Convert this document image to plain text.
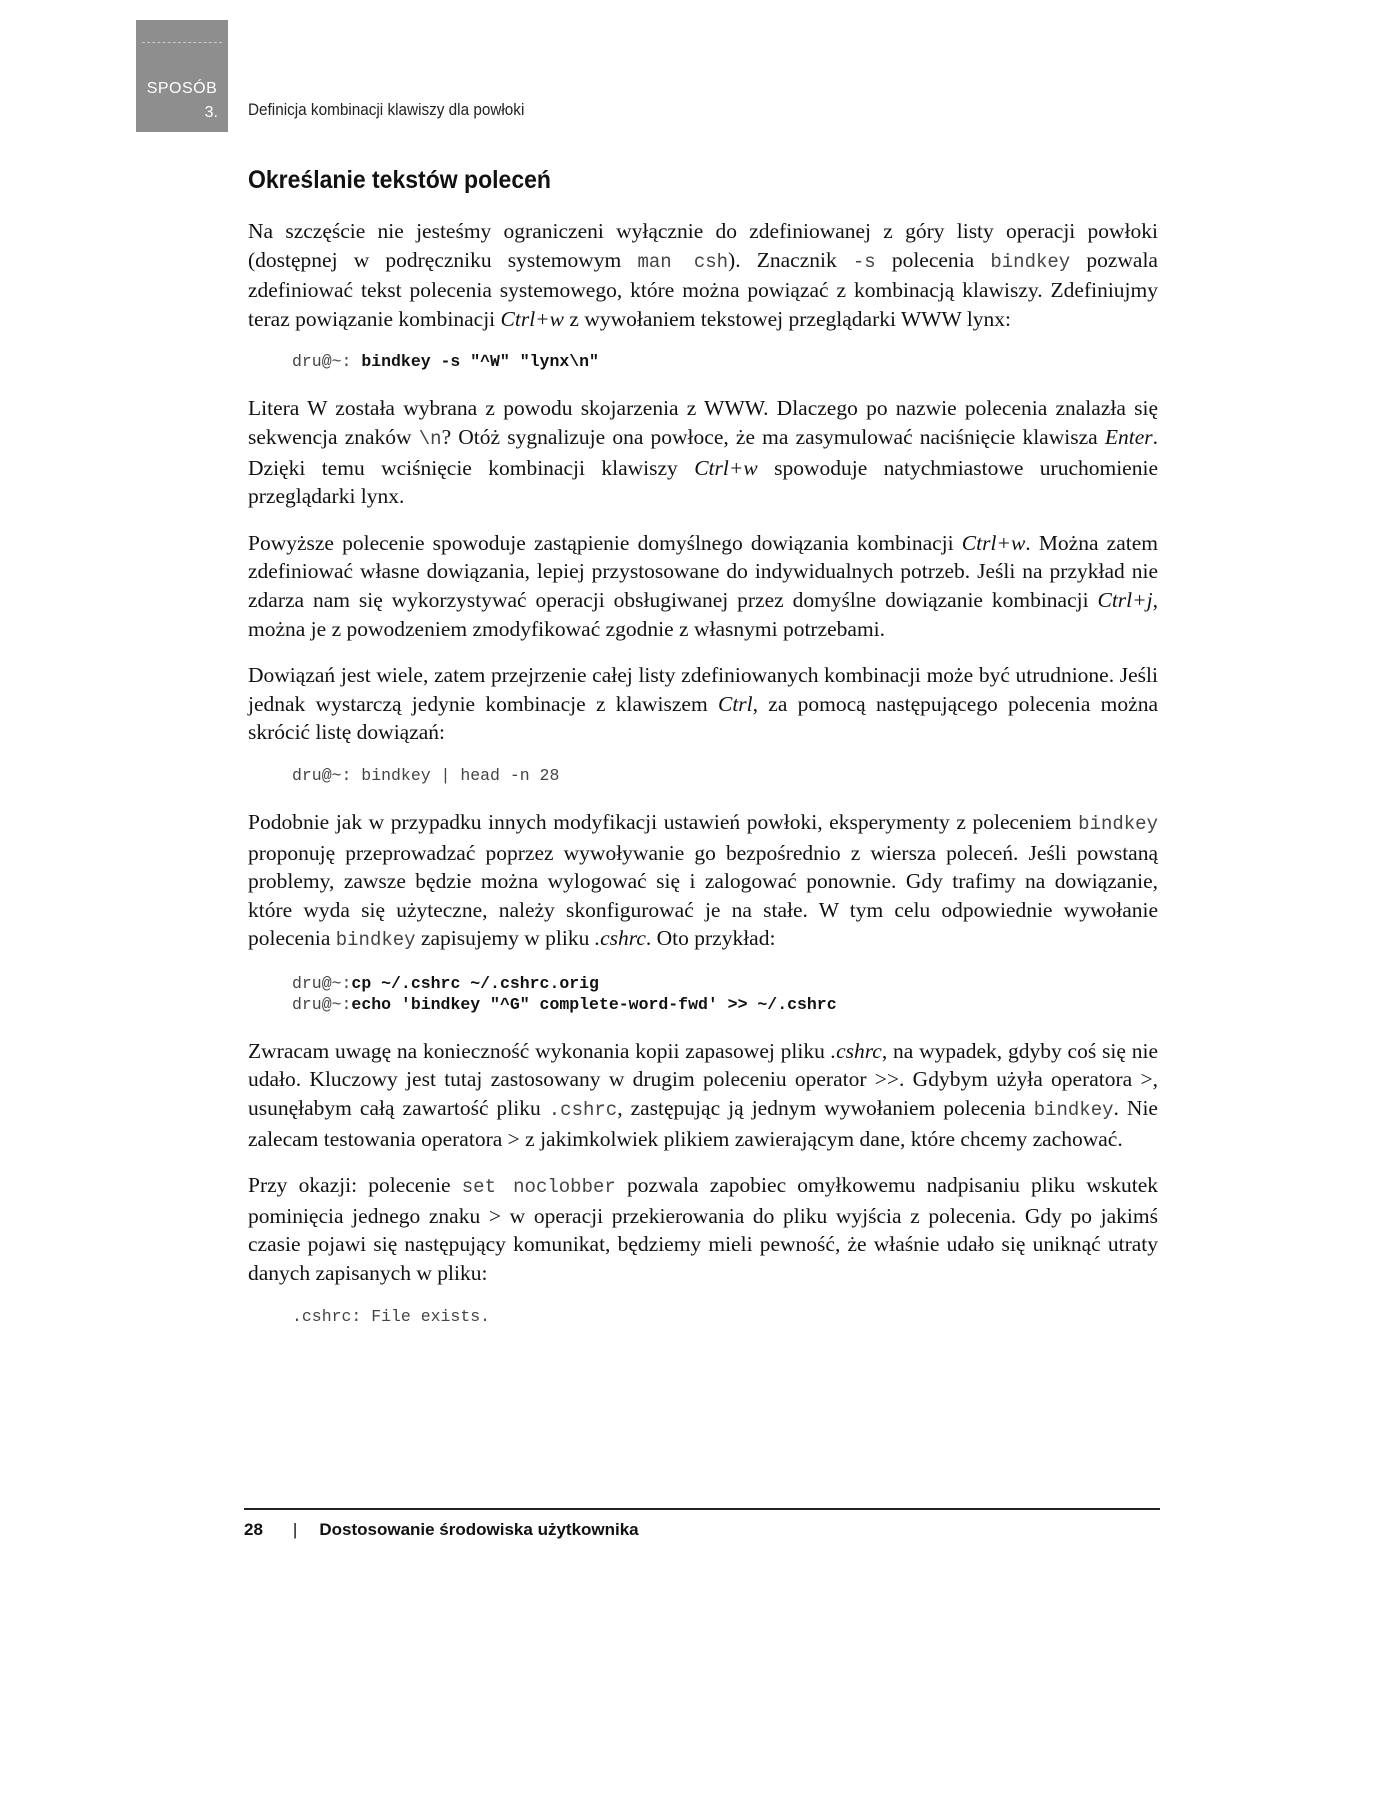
SPOSÓB
3. Definicja kombinacji klawiszy dla powłoki
Określanie tekstów poleceń

Na szczęście nie jesteśmy ograniczeni wyłącznie do zdefiniowanej z góry listy operacji powłoki (dostępnej w podręczniku systemowym man csh). Znacznik -s polecenia bindkey pozwala zdefiniować tekst polecenia systemowego, które można powiązać z kombinacją klawiszy. Zdefiniujmy teraz powiązanie kombinacji Ctrl+w z wywołaniem tekstowej przeglądarki WWW lynx:

dru@~: bindkey -s "^W" "lynx\n"

Litera W została wybrana z powodu skojarzenia z WWW. Dlaczego po nazwie polecenia znalazła się sekwencja znaków \n? Otóż sygnalizuje ona powłoce, że ma zasymulować naciśnięcie klawisza Enter. Dzięki temu wciśnięcie kombinacji klawiszy Ctrl+w spowoduje natychmiastowe uruchomienie przeglądarki lynx.

Powyższe polecenie spowoduje zastąpienie domyślnego dowiązania kombinacji Ctrl+w. Można zatem zdefiniować własne dowiązania, lepiej przystosowane do indywidualnych potrzeb. Jeśli na przykład nie zdarza nam się wykorzystywać operacji obsługiwanej przez domyślne dowiązanie kombinacji Ctrl+j, można je z powodzeniem zmodyfikować zgodnie z własnymi potrzebami.

Dowiązań jest wiele, zatem przejrzenie całej listy zdefiniowanych kombinacji może być utrudnione. Jeśli jednak wystarczą jedynie kombinacje z klawiszem Ctrl, za pomocą następującego polecenia można skrócić listę dowiązań:

dru@~: bindkey | head -n 28

Podobnie jak w przypadku innych modyfikacji ustawień powłoki, eksperymenty z poleceniem bindkey proponuję przeprowadzać poprzez wywoływanie go bezpośrednio z wiersza poleceń. Jeśli powstaną problemy, zawsze będzie można wylogować się i zalogować ponownie. Gdy trafimy na dowiązanie, które wyda się użyteczne, należy skonfigurować je na stałe. W tym celu odpowiednie wywołanie polecenia bindkey zapisujemy w pliku .cshrc. Oto przykład:

dru@~:cp ~/.cshrc ~/.cshrc.orig
dru@~:echo 'bindkey "^G" complete-word-fwd' >> ~/.cshrc

Zwracam uwagę na konieczność wykonania kopii zapasowej pliku .cshrc, na wypadek, gdyby coś się nie udało. Kluczowy jest tutaj zastosowany w drugim poleceniu operator >>. Gdybym użyła operatora >, usunęłabym całą zawartość pliku .cshrc, zastępując ją jednym wywołaniem polecenia bindkey. Nie zalecam testowania operatora > z jakimkolwiek plikiem zawierającym dane, które chcemy zachować.

Przy okazji: polecenie set noclobber pozwala zapobiec omyłkowemu nadpisaniu pliku wskutek pominięcia jednego znaku > w operacji przekierowania do pliku wyjścia z polecenia. Gdy po jakimś czasie pojawi się następujący komunikat, będziemy mieli pewność, że właśnie udało się uniknąć utraty danych zapisanych w pliku:

.cshrc: File exists.
28 | Dostosowanie środowiska użytkownika
